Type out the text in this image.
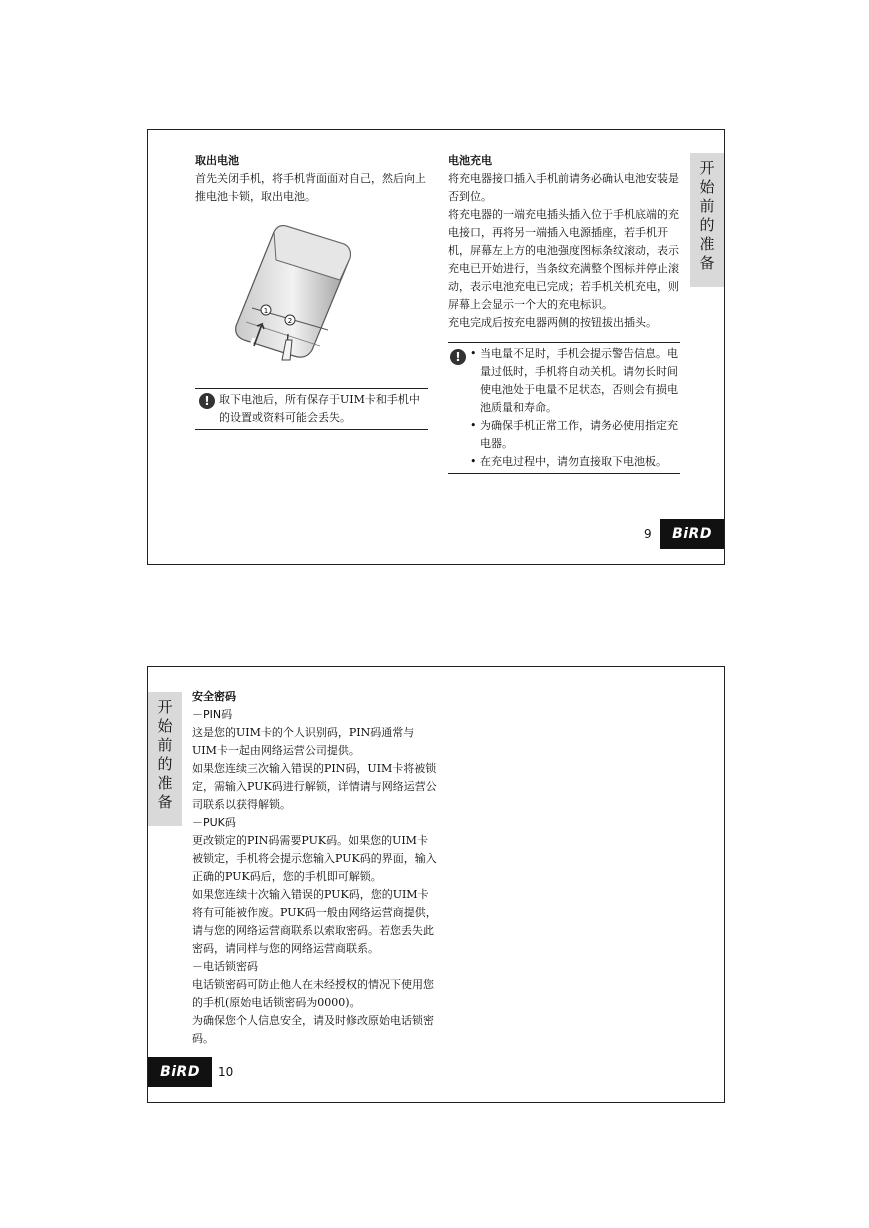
取出电池

首先关闭手机，将手机背面面对自己，然后向上推电池卡锁，取出电池。

1
2
! 取下电池后，所有保存于UIM卡和手机中的设置或资料可能会丢失。

电池充电

将充电器接口插入手机前请务必确认电池安装是否到位。

将充电器的一端充电插头插入位于手机底端的充电接口，再将另一端插入电源插座，若手机开机，屏幕左上方的电池强度图标条纹滚动，表示充电已开始进行，当条纹充满整个图标并停止滚动，表示电池充电已完成；若手机关机充电，则屏幕上会显示一个大的充电标识。

充电完成后按充电器两侧的按钮拔出插头。

!
•	当电量不足时，手机会提示警告信息。电量过低时，手机将自动关机。请勿长时间使电池处于电量不足状态，否则会有损电池质量和寿命。
• 为确保手机正常工作，请务必使用指定充电器。
• 在充电过程中，请勿直接取下电池板。
开
始
前
的
准
备
9	BiRD
开
始
前
的
准
备
安全密码
－PIN码

这是您的UIM卡的个人识别码，PIN码通常与UIM卡一起由网络运营公司提供。

如果您连续三次输入错误的PIN码，UIM卡将被锁定，需输入PUK码进行解锁，详情请与网络运营公司联系以获得解锁。

－PUK码

更改锁定的PIN码需要PUK码。如果您的UIM卡被锁定，手机将会提示您输入PUK码的界面，输入正确的PUK码后，您的手机即可解锁。

如果您连续十次输入错误的PUK码，您的UIM卡将有可能被作废。PUK码一般由网络运营商提供，请与您的网络运营商联系以索取密码。若您丢失此密码，请同样与您的网络运营商联系。

－电话锁密码

电话锁密码可防止他人在未经授权的情况下使用您的手机(原始电话锁密码为0000)。

为确保您个人信息安全，请及时修改原始电话锁密码。

BiRD	10
